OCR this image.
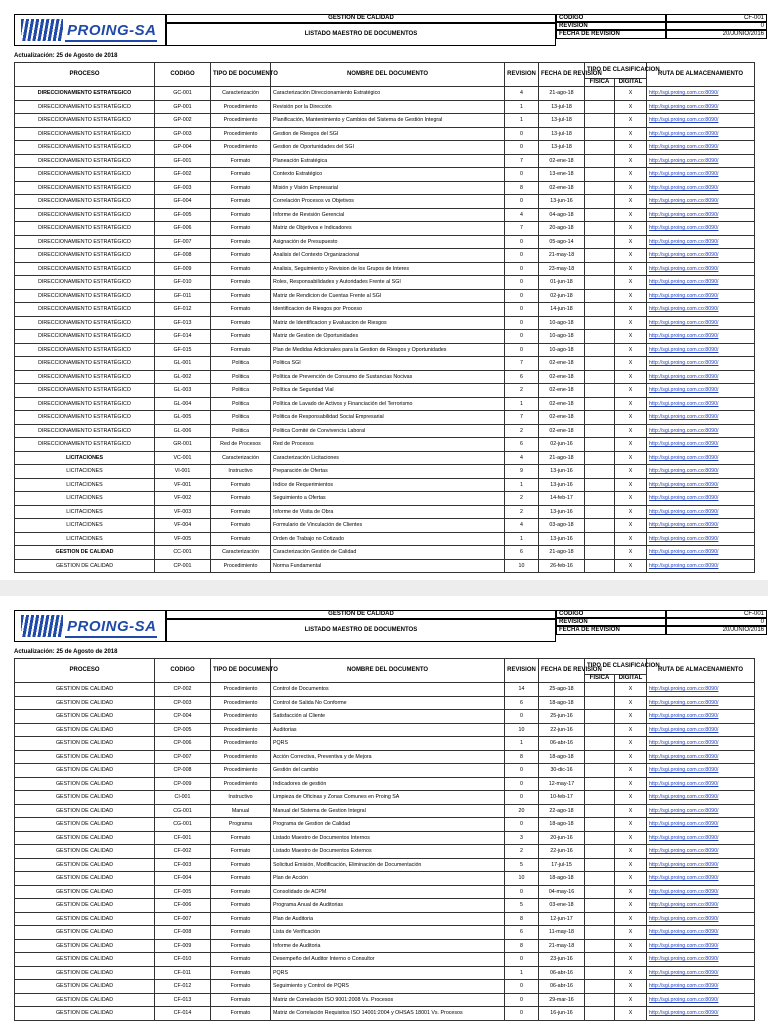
PROING-SA
GESTION DE CALIDAD
LISTADO MAESTRO DE DOCUMENTOS
CODIGO
REVISION
FECHA DE REVISION
CF-001
0
20/JUNIO/2016
Actualización: 25 de Agosto de 2018
PROCESO	CODIGO	TIPO DE DOCUMENTO	NOMBRE DEL DOCUMENTO	REVISION	FECHA DE REVISION	TIPO DE CLASIFICACION		RUTA DE ALMACENAMIENTO
						FISICA	DIGITAL	
DIRECCIONAMIENTO ESTRATEGICO	GC-001	Caracterización	Caracterización Direccionamiento Estratégico	4	21-ago-18		X	http://sgi.proing.com.co:8090/
DIRECCIONAMIENTO ESTRATÉGICO	GP-001	Procedimiento	Revisión por la Dirección	1	13-jul-18		X	http://sgi.proing.com.co:8090/
DIRECCIONAMIENTO ESTRATÉGICO	GP-002	Procedimiento	Planificación, Mantenimiento y Cambios del Sistema de Gestión Integral	1	13-jul-18		X	http://sgi.proing.com.co:8090/
DIRECCIONAMIENTO ESTRATÉGICO	GP-003	Procedimiento	Gestion de Riesgos del SGI	0	13-jul-18		X	http://sgi.proing.com.co:8090/
DIRECCIONAMIENTO ESTRATÉGICO	GP-004	Procedimiento	Gestion de Oportunidades del SGI	0	13-jul-18		X	http://sgi.proing.com.co:8090/
DIRECCIONAMIENTO ESTRATÉGICO	GF-001	Formato	Planeación Estratégica	7	02-ene-18		X	http://sgi.proing.com.co:8090/
DIRECCIONAMIENTO ESTRATÉGICO	GF-002	Formato	Contexto Estratégico	0	13-ene-18		X	http://sgi.proing.com.co:8090/
DIRECCIONAMIENTO ESTRATÉGICO	GF-003	Formato	Misión y Visión Empresarial	8	02-ene-18		X	http://sgi.proing.com.co:8090/
DIRECCIONAMIENTO ESTRATÉGICO	GF-004	Formato	Correlación Procesos vs Objetivos	0	13-jun-16		X	http://sgi.proing.com.co:8090/
DIRECCIONAMIENTO ESTRATÉGICO	GF-005	Formato	Informe de Revisión Gerencial	4	04-ago-18		X	http://sgi.proing.com.co:8090/
DIRECCIONAMIENTO ESTRATÉGICO	GF-006	Formato	Matriz de Objetivos e Indicadores	7	20-ago-18		X	http://sgi.proing.com.co:8090/
DIRECCIONAMIENTO ESTRATÉGICO	GF-007	Formato	Asignación de Presupuesto	0	05-ago-14		X	http://sgi.proing.com.co:8090/
DIRECCIONAMIENTO ESTRATÉGICO	GF-008	Formato	Analisis del Contexto Organizacional	0	21-may-18		X	http://sgi.proing.com.co:8090/
DIRECCIONAMIENTO ESTRATÉGICO	GF-009	Formato	Analisis, Seguimiento y Revision de los Grupos de Interes	0	23-may-18		X	http://sgi.proing.com.co:8090/
DIRECCIONAMIENTO ESTRATÉGICO	GF-010	Formato	Roles, Responsabilidades y Autoridades Frente al SGI	0	01-jun-18		X	http://sgi.proing.com.co:8090/
DIRECCIONAMIENTO ESTRATÉGICO	GF-011	Formato	Matriz de Rendicion de Cuentas Frente al SGI	0	02-jun-18		X	http://sgi.proing.com.co:8090/
DIRECCIONAMIENTO ESTRATÉGICO	GF-012	Formato	Identificacion de Riesgos por Proceso	0	14-jun-18		X	http://sgi.proing.com.co:8090/
DIRECCIONAMIENTO ESTRATÉGICO	GF-013	Formato	Matriz de Identificacion y Evaluacion de Riesgos	0	10-ago-18		X	http://sgi.proing.com.co:8090/
DIRECCIONAMIENTO ESTRATÉGICO	GF-014	Formato	Matriz de Gestion de Oportunidades	0	10-ago-18		X	http://sgi.proing.com.co:8090/
DIRECCIONAMIENTO ESTRATÉGICO	GF-015	Formato	Plan de Medidas Adicionales para la Gestion de Riesgos y Oportunidades	0	10-ago-18		X	http://sgi.proing.com.co:8090/
DIRECCIONAMIENTO ESTRATÉGICO	GL-001	Politica	Politica SGI	7	02-ene-18		X	http://sgi.proing.com.co:8090/
DIRECCIONAMIENTO ESTRATÉGICO	GL-002	Politica	Política de Prevención de Consumo de Sustancias Nocivas	6	02-ene-18		X	http://sgi.proing.com.co:8090/
DIRECCIONAMIENTO ESTRATÉGICO	GL-003	Politica	Política de Seguridad Vial	2	02-ene-18		X	http://sgi.proing.com.co:8090/
DIRECCIONAMIENTO ESTRATÉGICO	GL-004	Politica	Política de Lavado de Activos y Financiación del Terrorismo	1	02-ene-18		X	http://sgi.proing.com.co:8090/
DIRECCIONAMIENTO ESTRATÉGICO	GL-005	Politica	Politica de Responsabilidad Social Empresarial	7	02-ene-18		X	http://sgi.proing.com.co:8090/
DIRECCIONAMIENTO ESTRATÉGICO	GL-006	Politica	Politica Comité de Convivencia Laboral	2	02-ene-18		X	http://sgi.proing.com.co:8090/
DIRECCIONAMIENTO ESTRATÉGICO	GR-001	Red de Procesos	Red de Procesos	6	02-jun-16		X	http://sgi.proing.com.co:8090/
LICITACIONES	VC-001	Caracterización	Caracterización Licitaciones	4	21-ago-18		X	http://sgi.proing.com.co:8090/
LICITACIONES	VI-001	Instructivo	Preparación de Ofertas	9	13-jun-16		X	http://sgi.proing.com.co:8090/
LICITACIONES	VF-001	Formato	Indice de Requerimientos	1	13-jun-16		X	http://sgi.proing.com.co:8090/
LICITACIONES	VF-002	Formato	Seguimiento a Ofertas	2	14-feb-17		X	http://sgi.proing.com.co:8090/
LICITACIONES	VF-003	Formato	Informe de Visita de Obra	2	13-jun-16		X	http://sgi.proing.com.co:8090/
LICITACIONES	VF-004	Formato	Formulario de Vinculación de Clientes	4	03-ago-18		X	http://sgi.proing.com.co:8090/
LICITACIONES	VF-005	Formato	Orden de Trabajo no Cotizado	1	13-jun-16		X	http://sgi.proing.com.co:8090/
GESTION DE CALIDAD	CC-001	Caracterización	Caracterización Gestión de Calidad	6	21-ago-18		X	http://sgi.proing.com.co:8090/
GESTION DE CALIDAD	CP-001	Procedimiento	Norma Fundamental	10	26-feb-16		X	http://sgi.proing.com.co:8090/
PROING-SA
GESTION DE CALIDAD
LISTADO MAESTRO DE DOCUMENTOS
CODIGO
REVISION
FECHA DE REVISION
CF-001
0
20/JUNIO/2016
Actualización: 25 de Agosto de 2018
PROCESO	CODIGO	TIPO DE DOCUMENTO	NOMBRE DEL DOCUMENTO	REVISION	FECHA DE REVISION	TIPO DE CLASIFICACION		RUTA DE ALMACENAMIENTO
						FISICA	DIGITAL	
GESTION DE CALIDAD	CP-002	Procedimiento	Control de Documentos	14	25-ago-18		X	http://sgi.proing.com.co:8090/
GESTION DE CALIDAD	CP-003	Procedimiento	Control de Salida No Conforme	6	18-ago-18		X	http://sgi.proing.com.co:8090/
GESTION DE CALIDAD	CP-004	Procedimiento	Satisfacción al Cliente	0	25-jun-16		X	http://sgi.proing.com.co:8090/
GESTION DE CALIDAD	CP-005	Procedimiento	Auditorias	10	22-jun-16		X	http://sgi.proing.com.co:8090/
GESTION DE CALIDAD	CP-006	Procedimiento	PQRS	1	06-abr-16		X	http://sgi.proing.com.co:8090/
GESTION DE CALIDAD	CP-007	Procedimiento	Acción Correctiva, Preventiva y de Mejora	8	18-ago-18		X	http://sgi.proing.com.co:8090/
GESTION DE CALIDAD	CP-008	Procedimiento	Gestión del cambio	0	30-dic-16		X	http://sgi.proing.com.co:8090/
GESTION DE CALIDAD	CP-009	Procedimiento	Indicadores de gestión	0	12-may-17		X	http://sgi.proing.com.co:8090/
GESTION DE CALIDAD	CI-001	Instructivo	Limpieza de Oficinas y Zonas Comunes en Proing SA	0	10-feb-17		X	http://sgi.proing.com.co:8090/
GESTION DE CALIDAD	CG-001	Manual	Manual del Sistema de Gestion Integral	20	22-ago-18		X	http://sgi.proing.com.co:8090/
GESTION DE CALIDAD	CG-001	Programa	Programa de Gestion de Calidad	0	18-ago-18		X	http://sgi.proing.com.co:8090/
GESTION DE CALIDAD	CF-001	Formato	Listado Maestro de Documentos Internos	3	20-jun-16		X	http://sgi.proing.com.co:8090/
GESTION DE CALIDAD	CF-002	Formato	Listado Maestro de Documentos Externos	2	22-jun-16		X	http://sgi.proing.com.co:8090/
GESTION DE CALIDAD	CF-003	Formato	Solicitud Emisión, Modificación, Eliminación de Documentación	5	17-jul-15		X	http://sgi.proing.com.co:8090/
GESTION DE CALIDAD	CF-004	Formato	Plan de Acción	10	18-ago-18		X	http://sgi.proing.com.co:8090/
GESTION DE CALIDAD	CF-005	Formato	Consolidado de ACPM	0	04-may-16		X	http://sgi.proing.com.co:8090/
GESTION DE CALIDAD	CF-006	Formato	Programa Anual de Auditorias	5	03-ene-18		X	http://sgi.proing.com.co:8090/
GESTION DE CALIDAD	CF-007	Formato	Plan de Auditoria	8	12-jun-17		X	http://sgi.proing.com.co:8090/
GESTION DE CALIDAD	CF-008	Formato	Lista de Verificación	6	11-may-18		X	http://sgi.proing.com.co:8090/
GESTION DE CALIDAD	CF-009	Formato	Informe de Auditoria	8	21-may-18		X	http://sgi.proing.com.co:8090/
GESTION DE CALIDAD	CF-010	Formato	Desempeño del Auditor Interno o Consultor	0	23-jun-16		X	http://sgi.proing.com.co:8090/
GESTION DE CALIDAD	CF-011	Formato	PQRS	1	06-abr-16		X	http://sgi.proing.com.co:8090/
GESTION DE CALIDAD	CF-012	Formato	Seguimiento y Control de PQRS	0	06-abr-16		X	http://sgi.proing.com.co:8090/
GESTION DE CALIDAD	CF-013	Formato	Matriz de Correlación ISO 9001:2008 Vs. Procesos	0	29-mar-16		X	http://sgi.proing.com.co:8090/
GESTION DE CALIDAD	CF-014	Formato	Matriz de Correlación Requisitos ISO 14001:2004 y OHSAS 18001 Vs. Procesos	0	16-jun-16		X	http://sgi.proing.com.co:8090/
